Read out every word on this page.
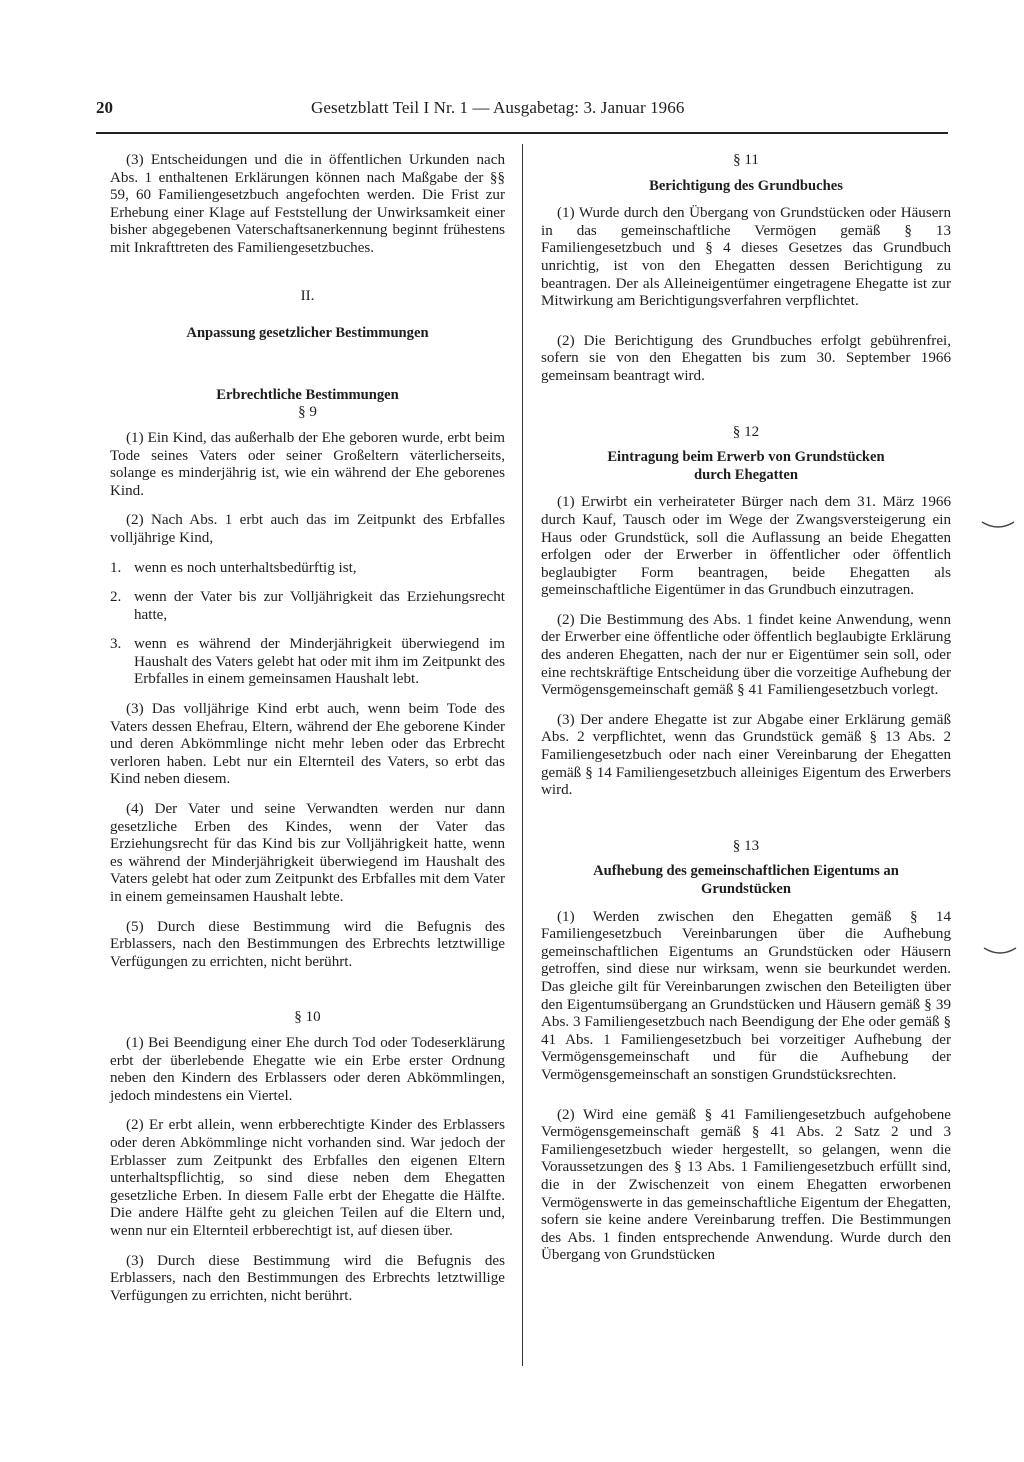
20	Gesetzblatt Teil I Nr. 1 — Ausgabetag: 3. Januar 1966

(3) Entscheidungen und die in öffentlichen Urkunden nach Abs. 1 enthaltenen Erklärungen können nach Maßgabe der §§ 59, 60 Familiengesetzbuch angefochten werden. Die Frist zur Erhebung einer Klage auf Feststellung der Unwirksamkeit einer bisher abgegebenen Vaterschaftsanerkennung beginnt frühestens mit Inkrafttreten des Familiengesetzbuches.

II.

Anpassung gesetzlicher Bestimmungen

Erbrechtliche Bestimmungen

§ 9

(1) Ein Kind, das außerhalb der Ehe geboren wurde, erbt beim Tode seines Vaters oder seiner Großeltern väterlicherseits, solange es minderjährig ist, wie ein während der Ehe geborenes Kind.

(2) Nach Abs. 1 erbt auch das im Zeitpunkt des Erbfalles volljährige Kind,

1. wenn es noch unterhaltsbedürftig ist,
2. wenn der Vater bis zur Volljährigkeit das Erziehungsrecht hatte,
3. wenn es während der Minderjährigkeit überwiegend im Haushalt des Vaters gelebt hat oder mit ihm im Zeitpunkt des Erbfalles in einem gemeinsamen Haushalt lebt.

(3) Das volljährige Kind erbt auch, wenn beim Tode des Vaters dessen Ehefrau, Eltern, während der Ehe geborene Kinder und deren Abkömmlinge nicht mehr leben oder das Erbrecht verloren haben. Lebt nur ein Elternteil des Vaters, so erbt das Kind neben diesem.

(4) Der Vater und seine Verwandten werden nur dann gesetzliche Erben des Kindes, wenn der Vater das Erziehungsrecht für das Kind bis zur Volljährigkeit hatte, wenn es während der Minderjährigkeit überwiegend im Haushalt des Vaters gelebt hat oder zum Zeitpunkt des Erbfalles mit dem Vater in einem gemeinsamen Haushalt lebte.

(5) Durch diese Bestimmung wird die Befugnis des Erblassers, nach den Bestimmungen des Erbrechts letztwillige Verfügungen zu errichten, nicht berührt.

§ 10

(1) Bei Beendigung einer Ehe durch Tod oder Todeserklärung erbt der überlebende Ehegatte wie ein Erbe erster Ordnung neben den Kindern des Erblassers oder deren Abkömmlingen, jedoch mindestens ein Viertel.

(2) Er erbt allein, wenn erbberechtigte Kinder des Erblassers oder deren Abkömmlinge nicht vorhanden sind. War jedoch der Erblasser zum Zeitpunkt des Erbfalles den eigenen Eltern unterhaltspflichtig, so sind diese neben dem Ehegatten gesetzliche Erben. In diesem Falle erbt der Ehegatte die Hälfte. Die andere Hälfte geht zu gleichen Teilen auf die Eltern und, wenn nur ein Elternteil erbberechtigt ist, auf diesen über.

(3) Durch diese Bestimmung wird die Befugnis des Erblassers, nach den Bestimmungen des Erbrechts letztwillige Verfügungen zu errichten, nicht berührt.

§ 11

Berichtigung des Grundbuches

(1) Wurde durch den Übergang von Grundstücken oder Häusern in das gemeinschaftliche Vermögen gemäß § 13 Familiengesetzbuch und § 4 dieses Gesetzes das Grundbuch unrichtig, ist von den Ehegatten dessen Berichtigung zu beantragen. Der als Alleineigentümer eingetragene Ehegatte ist zur Mitwirkung am Berichtigungsverfahren verpflichtet.

(2) Die Berichtigung des Grundbuches erfolgt gebührenfrei, sofern sie von den Ehegatten bis zum 30. September 1966 gemeinsam beantragt wird.

§ 12

Eintragung beim Erwerb von Grundstücken

durch Ehegatten

(1) Erwirbt ein verheirateter Bürger nach dem 31. März 1966 durch Kauf, Tausch oder im Wege der Zwangsversteigerung ein Haus oder Grundstück, soll die Auflassung an beide Ehegatten erfolgen oder der Erwerber in öffentlicher oder öffentlich beglaubigter Form beantragen, beide Ehegatten als gemeinschaftliche Eigentümer in das Grundbuch einzutragen.

(2) Die Bestimmung des Abs. 1 findet keine Anwendung, wenn der Erwerber eine öffentliche oder öffentlich beglaubigte Erklärung des anderen Ehegatten, nach der nur er Eigentümer sein soll, oder eine rechtskräftige Entscheidung über die vorzeitige Aufhebung der Vermögensgemeinschaft gemäß § 41 Familiengesetzbuch vorlegt.

(3) Der andere Ehegatte ist zur Abgabe einer Erklärung gemäß Abs. 2 verpflichtet, wenn das Grundstück gemäß § 13 Abs. 2 Familiengesetzbuch oder nach einer Vereinbarung der Ehegatten gemäß § 14 Familiengesetzbuch alleiniges Eigentum des Erwerbers wird.

§ 13

Aufhebung des gemeinschaftlichen Eigentums an

Grundstücken

(1) Werden zwischen den Ehegatten gemäß § 14 Familiengesetzbuch Vereinbarungen über die Aufhebung gemeinschaftlichen Eigentums an Grundstücken oder Häusern getroffen, sind diese nur wirksam, wenn sie beurkundet werden. Das gleiche gilt für Vereinbarungen zwischen den Beteiligten über den Eigentumsübergang an Grundstücken und Häusern gemäß § 39 Abs. 3 Familiengesetzbuch nach Beendigung der Ehe oder gemäß § 41 Abs. 1 Familiengesetzbuch bei vorzeitiger Aufhebung der Vermögensgemeinschaft und für die Aufhebung der Vermögensgemeinschaft an sonstigen Grundstücksrechten.

(2) Wird eine gemäß § 41 Familiengesetzbuch aufgehobene Vermögensgemeinschaft gemäß § 41 Abs. 2 Satz 2 und 3 Familiengesetzbuch wieder hergestellt, so gelangen, wenn die Voraussetzungen des § 13 Abs. 1 Familiengesetzbuch erfüllt sind, die in der Zwischenzeit von einem Ehegatten erworbenen Vermögenswerte in das gemeinschaftliche Eigentum der Ehegatten, sofern sie keine andere Vereinbarung treffen. Die Bestimmungen des Abs. 1 finden entsprechende Anwendung. Wurde durch den Übergang von Grundstücken
